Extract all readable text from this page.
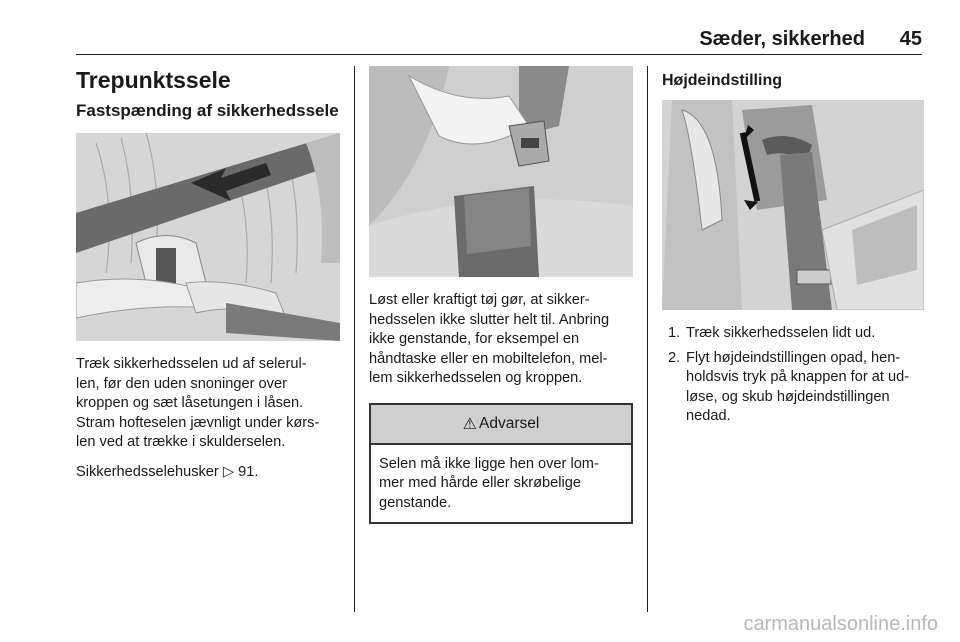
Sæder, sikkerhed 45
Trepunktssele
Fastspænding af sikkerhedssele

Træk sikkerhedsselen ud af selerul-
len, før den uden snoninger over
kroppen og sæt låsetungen i låsen.
Stram hofteselen jævnligt under kørs-
len ved at trække i skulderselen.

Sikkerhedsselehusker ▷ 91.

Løst eller kraftigt tøj gør, at sikker-
hedsselen ikke slutter helt til. Anbring
ikke genstande, for eksempel en
håndtaske eller en mobiltelefon, mel-
lem sikkerhedsselen og kroppen.

⚠ Advarsel
Selen må ikke ligge hen over lom-
mer med hårde eller skrøbelige
genstande.
Højdeindstilling
1. Træk sikkerhedsselen lidt ud.
2. Flyt højdeindstillingen opad, hen-
holdsvis tryk på knappen for at ud-
løse, og skub højdeindstillingen
nedad.
carmanualsonline.info
